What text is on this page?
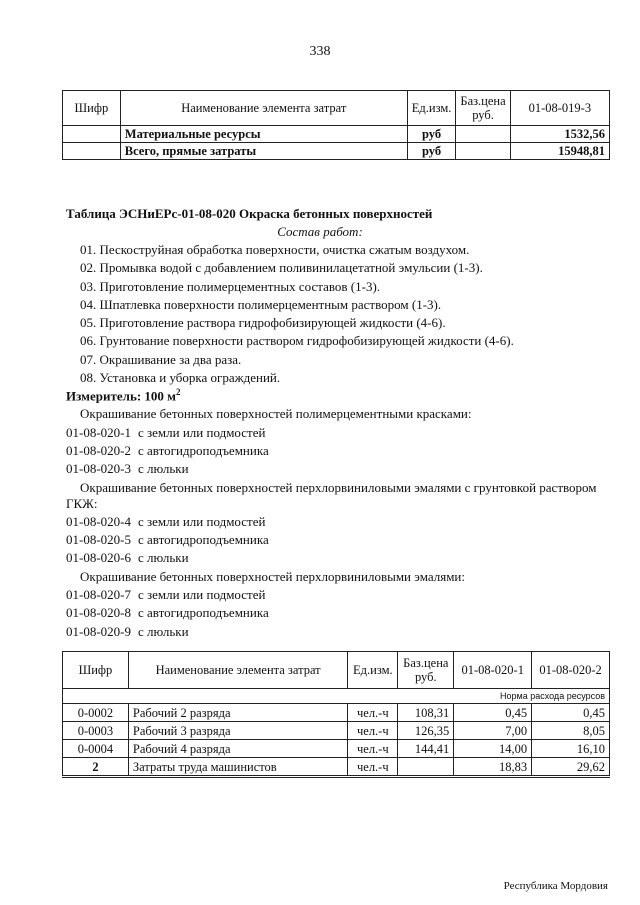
338
Шифр	Наименование элемента затрат	Ед.изм.	Баз.цена руб.	01-08-019-3
	Материальные ресурсы	руб		1532,56
	Всего, прямые затраты	руб		15948,81
Таблица ЭСНиЕРс-01-08-020 Окраска бетонных поверхностей
Состав работ:
01. Пескоструйная обработка поверхности, очистка сжатым воздухом.
02. Промывка водой с добавлением поливинилацетатной эмульсии (1-3).
03. Приготовление полимерцементных составов (1-3).
04. Шпатлевка поверхности полимерцементным раствором (1-3).
05. Приготовление раствора гидрофобизирующей жидкости (4-6).
06. Грунтование поверхности раствором гидрофобизирующей жидкости (4-6).
07. Окрашивание за два раза.
08. Установка и уборка ограждений.
Измеритель: 100 $м^2$
Окрашивание бетонных поверхностей полимерцементными красками:
01-08-020-1 с земли или подмостей
01-08-020-2 с автогидроподъемника
01-08-020-3 с люльки
Окрашивание бетонных поверхностей перхлорвиниловыми эмалями с грунтовкой раствором
ГКЖ:
01-08-020-4 с земли или подмостей
01-08-020-5 с автогидроподъемника
01-08-020-6 с люльки
Окрашивание бетонных поверхностей перхлорвиниловыми эмалями:
01-08-020-7 с земли или подмостей
01-08-020-8 с автогидроподъемника
01-08-020-9 с люльки
Шифр	Наименование элемента затрат	Ед.изм.	Баз.цена руб.	01-08-020-1	01-08-020-2
Норма расхода ресурсов					
0-0002	Рабочий 2 разряда	чел.-ч	108,31	0,45	0,45
0-0003	Рабочий 3 разряда	чел.-ч	126,35	7,00	8,05
0-0004	Рабочий 4 разряда	чел.-ч	144,41	14,00	16,10
2	Затраты труда машинистов	чел.-ч		18,83	29,62
Республика Мордовия
